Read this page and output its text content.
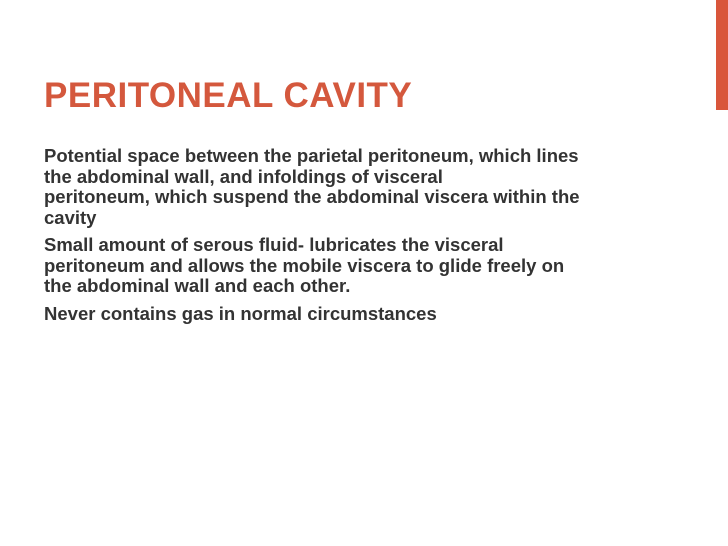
PERITONEAL CAVITY

Potential space between the parietal peritoneum, which lines
the abdominal wall, and infoldings of visceral
peritoneum, which suspend the abdominal viscera within the
cavity

Small amount of serous fluid- lubricates the visceral
peritoneum and allows the mobile viscera to glide freely on
the abdominal wall and each other.

Never contains gas in normal circumstances
